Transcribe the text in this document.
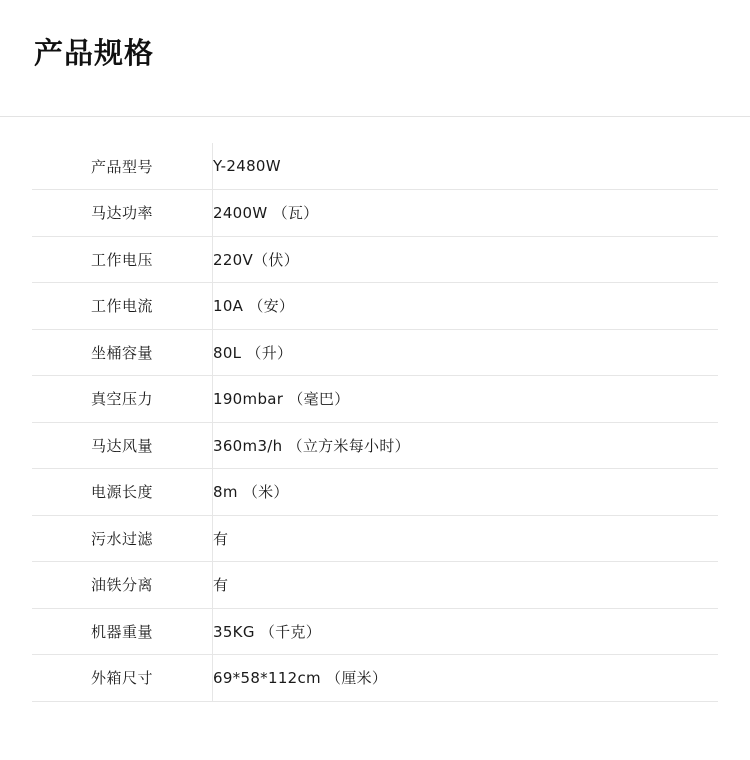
产品规格
产品型号	Y-2480W
马达功率	2400W （瓦）
工作电压	220V（伏）
工作电流	10A （安）
坐桶容量	80L （升）
真空压力	190mbar （毫巴）
马达风量	360m3/h （立方米每小时）
电源长度	8m （米）
污水过滤	有
油铁分离	有
机器重量	35KG （千克）
外箱尺寸	69*58*112cm （厘米）
